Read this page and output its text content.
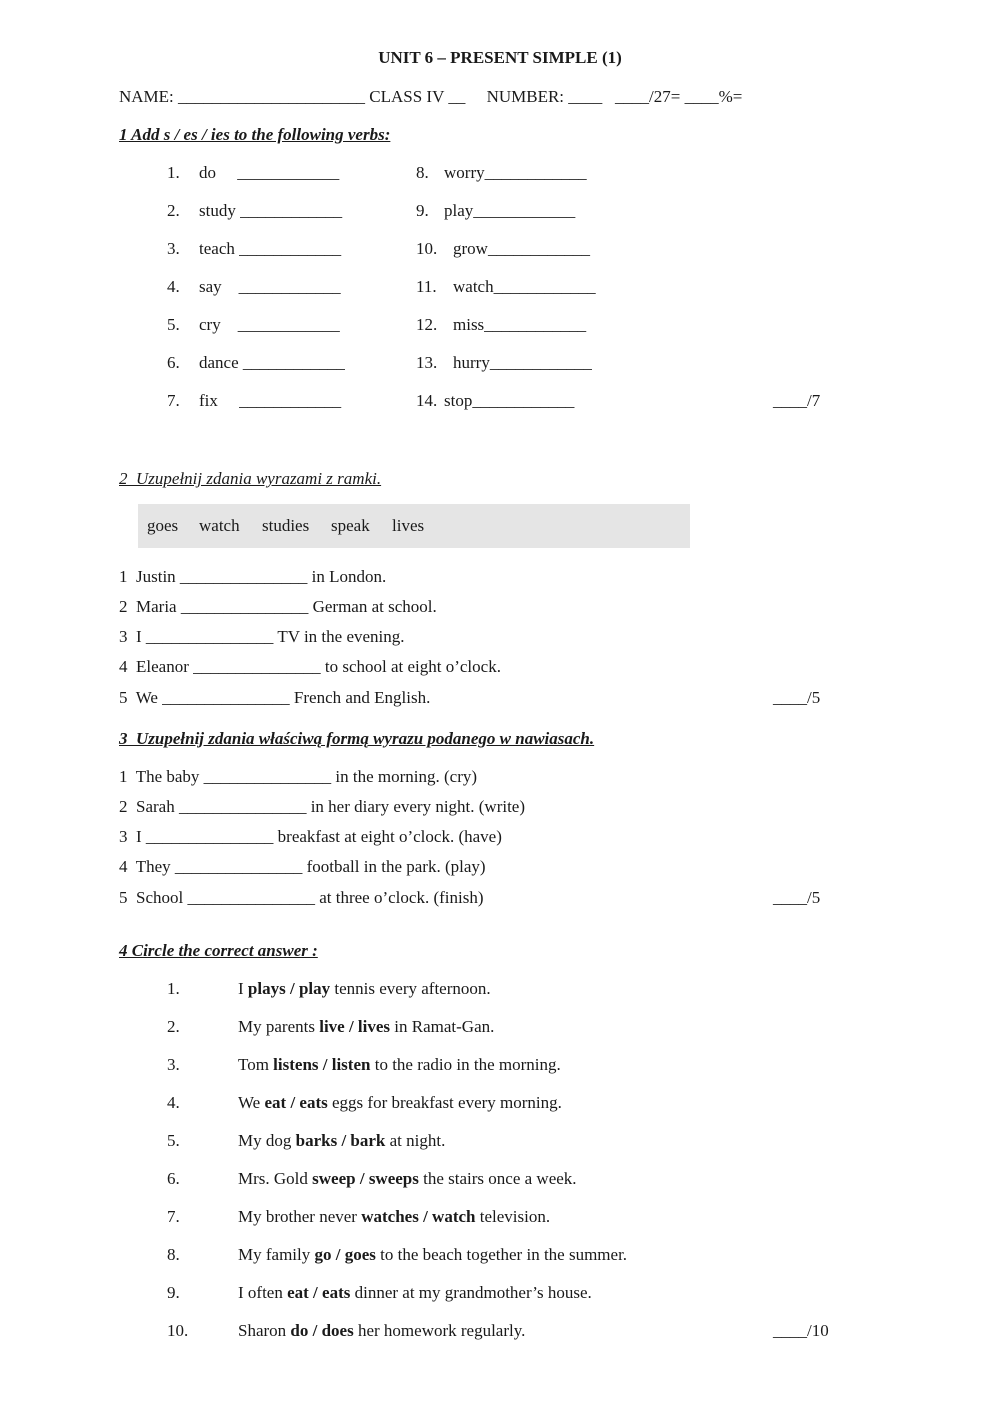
UNIT 6 – PRESENT SIMPLE (1)
NAME: ______________________ CLASS IV __     NUMBER: ____   ____/27= ____%=
1 Add s / es / ies to the following verbs:
1. do     ____________	8. worry____________
2. study ____________	9. play____________
3. teach ____________	10. grow____________
4. say    ____________	11. watch____________
5. cry    ____________	12. miss____________
6. dance ____________	13. hurry____________
7. fix     ____________	14. stop____________	____/7
2  Uzupełnij zdania wyrazami z ramki.
goes watch studies speak lives
1  Justin _______________ in London.
2  Maria _______________ German at school.
3  I _______________ TV in the evening.
4  Eleanor _______________ to school at eight o’clock.
5  We _______________ French and English.	____/5
3  Uzupełnij zdania właściwą formą wyrazu podanego w nawiasach.
1  The baby _______________ in the morning. (cry)
2  Sarah _______________ in her diary every night. (write)
3  I _______________ breakfast at eight o’clock. (have)
4  They _______________ football in the park. (play)
5  School _______________ at three o’clock. (finish)	____/5
4 Circle the correct answer :
1.	I plays / play tennis every afternoon.
2.	My parents live / lives in Ramat-Gan.
3.	Tom listens / listen to the radio in the morning.
4.	We eat / eats eggs for breakfast every morning.
5.	My dog barks / bark at night.
6.	Mrs. Gold sweep / sweeps the stairs once a week.
7.	My brother never watches / watch television.
8.	My family go / goes to the beach together in the summer.
9.	I often eat / eats dinner at my grandmother’s house.
10.	Sharon do / does her homework regularly.	____/10
